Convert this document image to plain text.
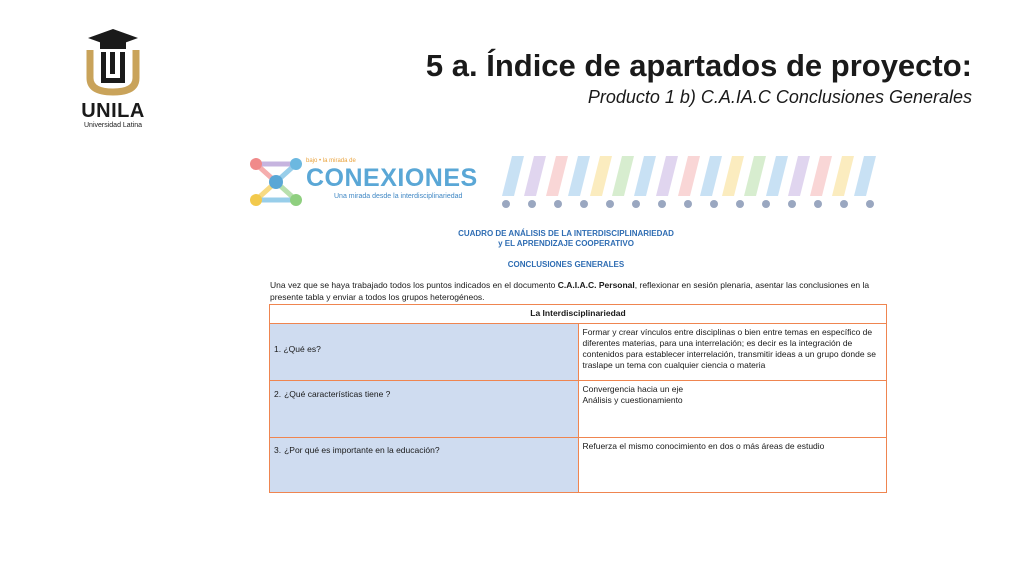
UNILA
Universidad Latina
5 a. Índice de apartados de proyecto:
Producto 1 b) C.A.IA.C Conclusiones Generales
bajo • la mirada de
CONEXIONES
Una mirada desde la interdisciplinariedad
CUADRO DE ANÁLISIS DE LA INTERDISCIPLINARIEDAD
y EL APRENDIZAJE COOPERATIVO
CONCLUSIONES GENERALES
Una vez que se haya trabajado todos los puntos indicados en el documento C.A.I.A.C. Personal, reflexionar en sesión plenaria, asentar las conclusiones en la presente tabla y enviar a todos los grupos heterogéneos.
La Interdisciplinariedad	
1. ¿Qué es?	Formar y crear vínculos entre disciplinas o bien entre temas en específico de diferentes materias, para una interrelación; es decir es la integración de contenidos para establecer interrelación, transmitir ideas a un grupo donde se traslape un tema con cualquier ciencia o materia

2. ¿Qué características tiene ?	Convergencia hacia un eje
Análisis y cuestionamiento

3. ¿Por qué es importante en la educación?	Refuerza el mismo conocimiento en dos o más áreas de estudio
